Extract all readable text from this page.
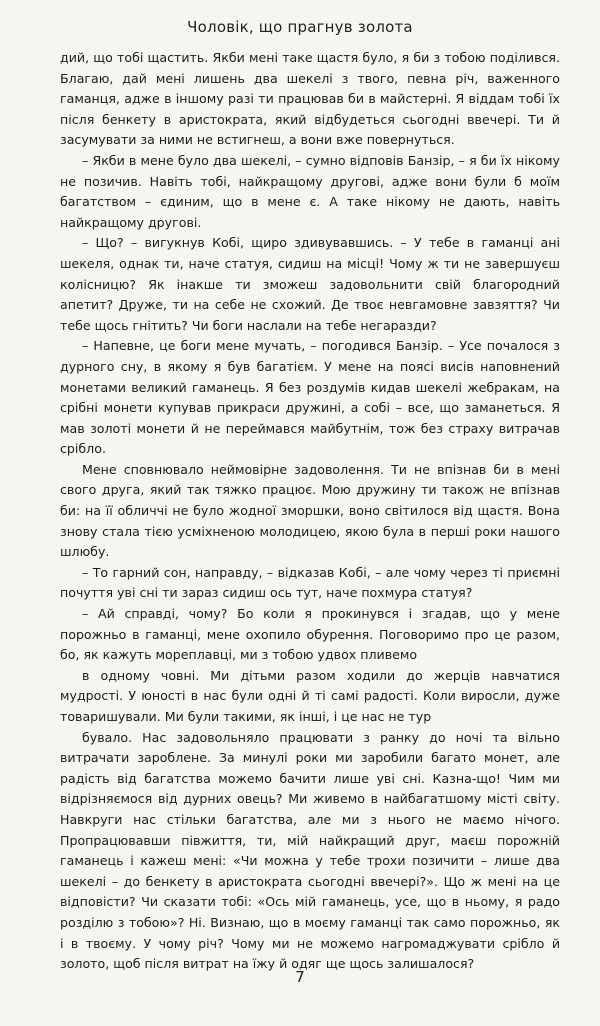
Чоловік, що прагнув золота

дий, що тобі щастить. Якби мені таке щастя було, я би з тобою поділився. Благаю, дай мені лишень два шекелі з твого, певна річ, важенного гаманця, адже в іншому разі ти працював би в майстерні. Я віддам тобі їх після бенкету в аристократа, який відбудеться сьогодні ввечері. Ти й засумувати за ними не встигнеш, а вони вже повернуться.

– Якби в мене було два шекелі, – сумно відповів Банзір, – я би їх нікому не позичив. Навіть тобі, найкращому другові, адже вони були б моїм багатством – єдиним, що в мене є. А таке нікому не дають, навіть найкращому другові.

– Що? – вигукнув Кобі, щиро здивувавшись. – У тебе в гаманці ані шекеля, однак ти, наче статуя, сидиш на місці! Чому ж ти не завершуєш колісницю? Як інакше ти зможеш задовольнити свій благородний апетит? Друже, ти на себе не схожий. Де твоє невгамовне завзяття? Чи тебе щось гнітить? Чи боги наслали на тебе негаразди?

– Напевне, це боги мене мучать, – погодився Банзір. – Усе почалося з дурного сну, в якому я був багатієм. У мене на поясі висів наповнений монетами великий гаманець. Я без роздумів кидав шекелі жебракам, на срібні монети купував прикраси дружині, а собі – все, що заманеться. Я мав золоті монети й не переймався майбутнім, тож без страху витрачав срібло.

Мене сповнювало неймовірне задоволення. Ти не впізнав би в мені свого друга, який так тяжко працює. Мою дружину ти також не впізнав би: на її обличчі не було жодної зморшки, воно світилося від щастя. Вона знову стала тією усміхненою молодицею, якою була в перші роки нашого шлюбу.

– То гарний сон, направду, – відказав Кобі, – але чому через ті приємні почуття уві сні ти зараз сидиш ось тут, наче похмура статуя?

– Ай справді, чому? Бо коли я прокинувся і згадав, що у мене порожньо в гаманці, мене охопило обурення. Поговоримо про це разом, бо, як кажуть мореплавці, ми з тобою удвох пливемо

в одному човні. Ми дітьми разом ходили до жерців навчатися мудрості. У юності в нас були одні й ті самі радості. Коли виросли, дуже товаришували. Ми були такими, як інші, і це нас не тур

бувало. Нас задовольняло працювати з ранку до ночі та вільно витрачати зароблене. За минулі роки ми заробили багато монет, але радість від багатства можемо бачити лише уві сні. Казна-що! Чим ми відрізняємося від дурних овець? Ми живемо в найбагатшому місті світу. Навкруги нас стільки багатства, але ми з нього не маємо нічого. Пропрацювавши півжиття, ти, мій найкращий друг, маєш порожній гаманець і кажеш мені: «Чи можна у тебе трохи позичити – лише два шекелі – до бенкету в аристократа сьогодні ввечері?». Що ж мені на це відповісти? Чи сказати тобі: «Ось мій гаманець, усе, що в ньому, я радо розділю з тобою»? Ні. Визнаю, що в моєму гаманці так само порожньо, як і в твоєму. У чому річ? Чому ми не можемо нагромаджувати срібло й золото, щоб після витрат на їжу й одяг ще щось залишалося?

7
